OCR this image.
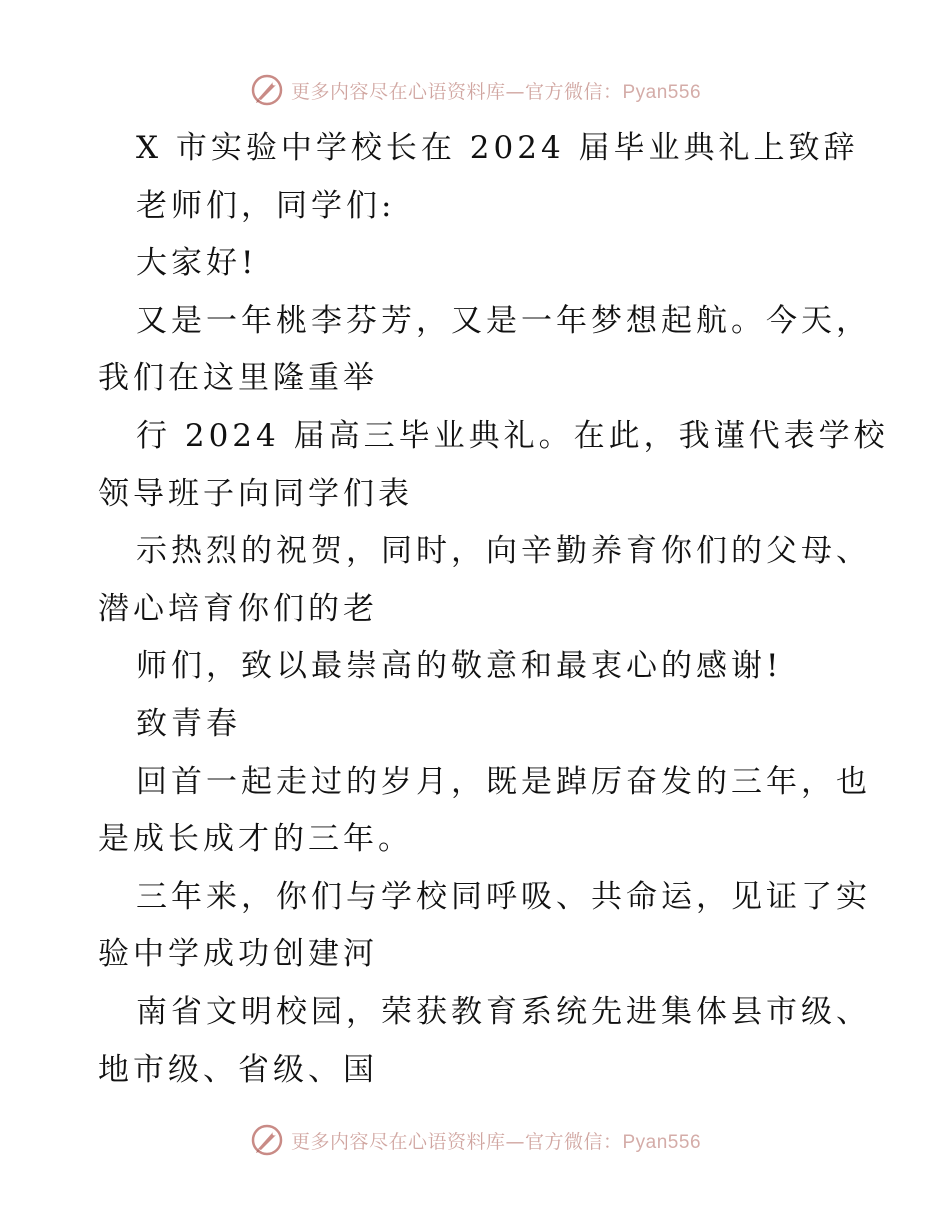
更多内容尽在心语资料库—官方微信：Pyan556
X 市实验中学校长在 2024 届毕业典礼上致辞
老师们，同学们:
大家好!
又是一年桃李芬芳，又是一年梦想起航。今天，
我们在这里隆重举
行 2024 届高三毕业典礼。在此，我谨代表学校
领导班子向同学们表
示热烈的祝贺，同时，向辛勤养育你们的父母、
潜心培育你们的老
师们，致以最崇高的敬意和最衷心的感谢!
致青春
回首一起走过的岁月，既是踔厉奋发的三年，也
是成长成才的三年。
三年来，你们与学校同呼吸、共命运，见证了实
验中学成功创建河
南省文明校园，荣获教育系统先进集体县市级、
地市级、省级、国
更多内容尽在心语资料库—官方微信：Pyan556
